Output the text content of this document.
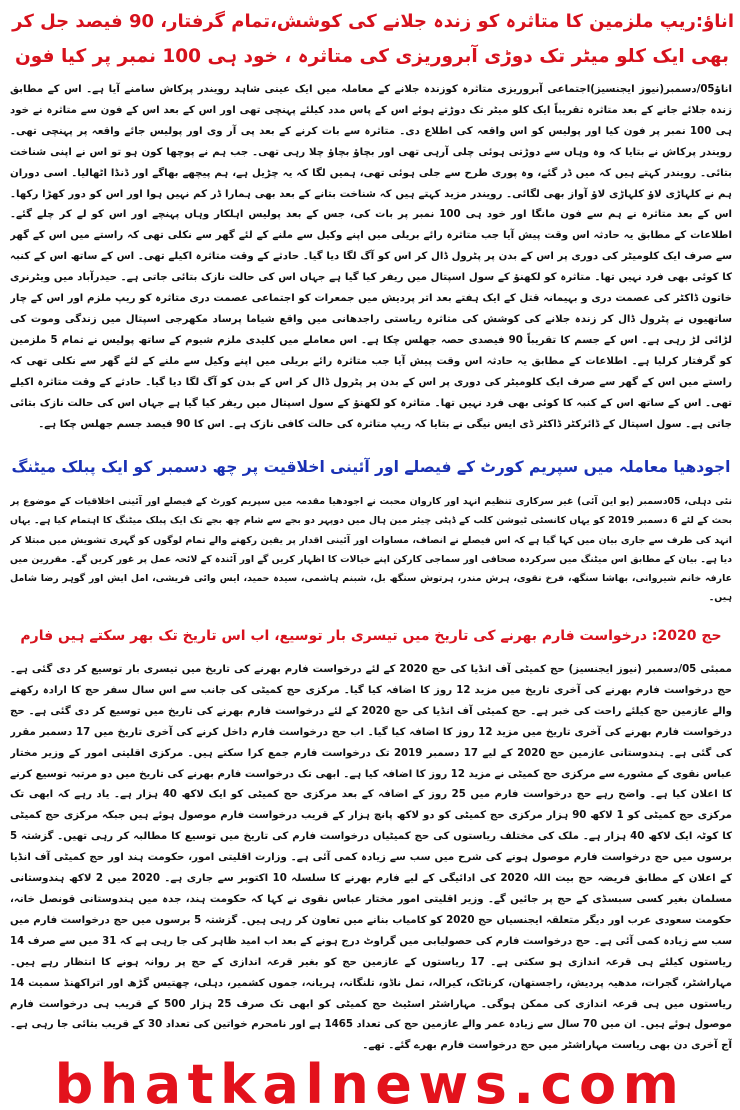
اناؤ:ریپ ملزمین کا متاثرہ کو زندہ جلانے کی کوشش،تمام گرفتار، 90 فیصد جل کر
بھی ایک کلو میٹر تک دوڑی آبروریزی کی متاثرہ ، خود ہی 100 نمبر پر کیا فون
اناؤ05/دسمبر(نیوز ایجنسیز)اجتماعی آبروریزی متاثرہ کوزندہ جلانے کے معاملہ میں ایک عینی شاہد رویندر پرکاش سامنے آیا ہے۔ اس کے مطابق زندہ جلائے جانے کے بعد متاثرہ تقریباً ایک کلو میٹر تک دوڑتے ہوئے اس کے پاس مدد کیلئے پہنچی تھی اور اس کے بعد اس کے فون سے متاثرہ نے خود ہی 100 نمبر پر فون کیا اور پولیس کو اس واقعہ کی اطلاع دی۔ متاثرہ سے بات کرنے کے بعد پی آر وی اور پولیس جائے واقعہ پر پہنچی تھی۔ رویندر پرکاش نے بتایا کہ وہ وہاں سے دوڑتی ہوئی چلی آرہی تھی اور بچاؤ بچاؤ چلا رہی تھی۔ جب ہم نے پوچھا کون ہو تو اس نے اپنی شناخت بتائی۔ رویندر کہتے ہیں کہ میں ڈر گئے، وہ پوری طرح سے جلی ہوئی تھی، ہمیں لگا کہ یہ چڑیل ہے، ہم پیچھے بھاگے اور ڈنڈا اٹھالیا۔ اسی دوران ہم نے کلہاڑی لاؤ کلہاڑی لاؤ آواز بھی لگائی۔ رویندر مزید کہتے ہیں کہ شناخت بتانے کے بعد بھی ہمارا ڈر کم نہیں ہوا اور اس کو دور کھڑا رکھا۔ اس کے بعد متاثرہ نے ہم سے فون مانگا اور خود ہی 100 نمبر پر بات کی، جس کے بعد پولیس اہلکار وہاں پہنچے اور اس کو لے کر چلے گئے۔ اطلاعات کے مطابق یہ حادثہ اس وقت پیش آیا جب متاثرہ رائے بریلی میں اپنے وکیل سے ملنے کے لئے گھر سے نکلی تھی کہ راستے میں اس کے گھر سے صرف ایک کلومیٹر کی دوری پر اس کے بدن پر پٹرول ڈال کر اس کو آگ لگا دیا گیا۔ حادثے کے وقت متاثرہ اکیلے تھی۔ اس کے ساتھ اس کے کنبہ کا کوئی بھی فرد نہیں تھا۔ متاثرہ کو لکھنؤ کے سول اسپتال میں ریفر کیا گیا ہے جہاں اس کی حالت نازک بتائی جاتی ہے۔ حیدرآباد میں ویٹرنری خاتون ڈاکٹر کی عصمت دری و بہیمانہ قتل کے ایک ہفتے بعد اتر پردیش میں جمعرات کو اجتماعی عصمت دری متاثرہ کو ریپ ملزم اور اس کے چار ساتھیوں نے پٹرول ڈال کر زندہ جلانے کی کوشش کی متاثرہ ریاستی راجدھانی میں واقع شیاما پرساد مکھرجی اسپتال میں زندگی وموت کی لڑائی لڑ رہی ہے۔ اس کے جسم کا تقریباً 90 فیصدی حصہ جھلس چکا ہے۔ اس معاملے میں کلیدی ملزم شیوم کے ساتھ پولیس نے تمام 5 ملزمین کو گرفتار کرلیا ہے۔ اطلاعات کے مطابق یہ حادثہ اس وقت پیش آیا جب متاثرہ رائے بریلی میں اپنے وکیل سے ملنے کے لئے گھر سے نکلی تھی کہ راستے میں اس کے گھر سے صرف ایک کلومیٹر کی دوری پر اس کے بدن پر پٹرول ڈال کر اس کے بدن کو آگ لگا دیا گیا۔ حادثے کے وقت متاثرہ اکیلے تھی۔ اس کے ساتھ اس کے کنبہ کا کوئی بھی فرد نہیں تھا۔ متاثرہ کو لکھنؤ کے سول اسپتال میں ریفر کیا گیا ہے جہاں اس کی حالت نازک بتائی جاتی ہے۔ سول اسپتال کے ڈائرکٹر ڈاکٹر ڈی ایس نیگی نے بتایا کہ ریپ متاثرہ کی حالت کافی نازک ہے۔ اس کا 90 فیصد جسم جھلس چکا ہے۔
اجودھیا معاملہ میں سپریم کورٹ کے فیصلے اور آئینی اخلاقیت پر چھ دسمبر کو ایک پبلک میٹنگ
نئی دہلی، 05دسمبر (یو این آئی) غیر سرکاری تنظیم انہد اور کاروان محبت نے اجودھیا مقدمہ میں سپریم کورٹ کے فیصلے اور آئینی اخلاقیات کے موضوع پر بحث کے لئے 6 دسمبر 2019 کو یہاں کانسٹی ٹیوشن کلب کے ڈپٹی چیئر مین ہال میں دوپہر دو بجے سے شام چھ بجے تک ایک پبلک میٹنگ کا اہتمام کیا ہے۔ یہاں انہد کی طرف سے جاری بیان میں کہا گیا ہے کہ اس فیصلے نے انصاف، مساوات اور آئینی اقدار پر یقین رکھنے والے تمام لوگوں کو گہری تشویش میں مبتلا کر دیا ہے۔ بیان کے مطابق اس میٹنگ میں سرکردہ صحافی اور سماجی کارکن اپنے خیالات کا اظہار کریں گے اور آئندہ کے لائحہ عمل پر غور کریں گے۔ مقررین میں عارفہ خانم شیروانی، بھاشا سنگھ، فرخ نقوی، ہرش مندر، ہرتوش سنگھ بل، شبنم ہاشمی، سیدہ حمید، ایس وائی قریشی، امل ایش اور گوہر رضا شامل ہیں۔
حج 2020: درخواست فارم بھرنے کی تاریخ میں تیسری بار توسیع، اب اس تاریخ تک بھر سکتے ہیں فارم
ممبئی 05/دسمبر (نیوز ایجنسیز) حج کمیٹی آف انڈیا کی حج 2020 کے لئے درخواست فارم بھرنے کی تاریخ میں تیسری بار توسیع کر دی گئی ہے۔ حج درخواست فارم بھرنے کی آخری تاریخ میں مزید 12 روز کا اضافہ کیا گیا۔ مرکزی حج کمیٹی کی جانب سے اس سال سفر حج کا ارادہ رکھنے والے عازمین حج کیلئے راحت کی خبر ہے۔ حج کمیٹی آف انڈیا کی حج 2020 کے لئے درخواست فارم بھرنے کی تاریخ میں توسیع کر دی گئی ہے۔ حج درخواست فارم بھرنے کی آخری تاریخ میں مزید 12 روز کا اضافہ کیا گیا۔ اب حج درخواست فارم داخل کرنے کی آخری تاریخ میں 17 دسمبر مقرر کی گئی ہے۔ ہندوستانی عازمین حج 2020 کے لیے 17 دسمبر 2019 تک درخواست فارم جمع کرا سکتے ہیں۔ مرکزی اقلیتی امور کے وزیر مختار عباس نقوی کے مشورے سے مرکزی حج کمیٹی نے مزید 12 روز کا اضافہ کیا ہے۔ ابھی تک درخواست فارم بھرنے کی تاریخ میں دو مرتبہ توسیع کرنے کا اعلان کیا ہے۔ واضح رہے حج درخواست فارم میں 25 روز کے اضافہ کے بعد مرکزی حج کمیٹی کو ایک لاکھ 40 ہزار ہے۔ یاد رہے کہ ابھی تک مرکزی حج کمیٹی کو 1 لاکھ 90 ہزار مرکزی حج کمیٹی کو دو لاکھ پانچ ہزار کے قریب درخواست فارم موصول ہوئے ہیں جبکہ مرکزی حج کمیٹی کا کوٹہ ایک لاکھ 40 ہزار ہے۔ ملک کی مختلف ریاستوں کی حج کمیٹیاں درخواست فارم کی تاریخ میں توسیع کا مطالبہ کر رہی تھیں۔ گزشتہ 5 برسوں میں حج درخواست فارم موصول ہونے کی شرح میں سب سے زیادہ کمی آئی ہے۔ وزارت اقلیتی امور، حکومت ہند اور حج کمیٹی آف انڈیا کے اعلان کے مطابق فریضہ حج بیت اللہ 2020 کی ادائیگی کے لیے فارم بھرنے کا سلسلہ 10 اکتوبر سے جاری ہے۔ 2020 میں 2 لاکھ ہندوستانی مسلمان بغیر کسی سبسڈی کے حج پر جائیں گے۔ وزیر اقلیتی امور مختار عباس نقوی نے کہا کہ حکومت ہند، جدہ میں ہندوستانی قونصل خانہ، حکومت سعودی عرب اور دیگر متعلقہ ایجنسیاں حج 2020 کو کامیاب بنانے میں تعاون کر رہی ہیں۔ گزشتہ 5 برسوں میں حج درخواست فارم میں سب سے زیادہ کمی آئی ہے۔ حج درخواست فارم کی حصولیابی میں گراوٹ درج ہونے کے بعد اب امید ظاہر کی جا رہی ہے کہ 31 میں سے صرف 14 ریاستوں کیلئے ہی قرعہ اندازی ہو سکتی ہے۔ 17 ریاستوں کے عازمین حج کو بغیر قرعہ اندازی کے حج پر روانہ ہونے کا انتظار رہے ہیں۔ مہاراشٹر، گجرات، مدھیہ پردیش، راجستھان، کرناٹک، کیرالہ، تمل ناڈو، تلنگانہ، ہریانہ، جموں کشمیر، دہلی، چھتیس گڑھ اور اتراکھنڈ سمیت 14 ریاستوں میں ہی قرعہ اندازی کی ممکن ہوگی۔ مہاراشٹر اسٹیٹ حج کمیٹی کو ابھی تک صرف 25 ہزار 500 کے قریب ہی درخواست فارم موصول ہوئے ہیں۔ ان میں 70 سال سے زیادہ عمر والے عازمین حج کی تعداد 1465 ہے اور نامحرم خواتین کی تعداد 30 کے قریب بتائی جا رہی ہے۔ آج آخری دن بھی ریاست مہاراشٹر میں حج درخواست فارم بھرے گئے۔ تھے۔
bhatkalnews.com
